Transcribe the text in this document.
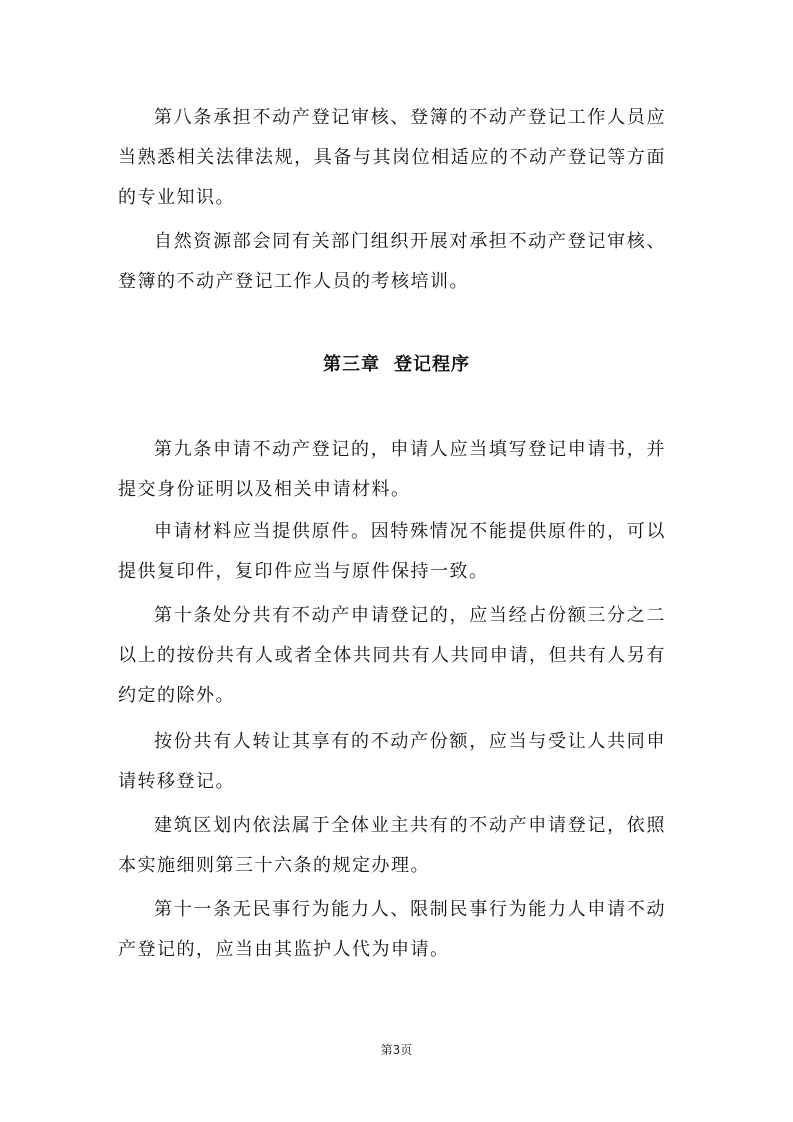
第八条承担不动产登记审核、登簿的不动产登记工作人员应当熟悉相关法律法规，具备与其岗位相适应的不动产登记等方面的专业知识。

自然资源部会同有关部门组织开展对承担不动产登记审核、登簿的不动产登记工作人员的考核培训。

第三章 登记程序

第九条申请不动产登记的，申请人应当填写登记申请书，并提交身份证明以及相关申请材料。

申请材料应当提供原件。因特殊情况不能提供原件的，可以提供复印件，复印件应当与原件保持一致。

第十条处分共有不动产申请登记的，应当经占份额三分之二以上的按份共有人或者全体共同共有人共同申请，但共有人另有约定的除外。

按份共有人转让其享有的不动产份额，应当与受让人共同申请转移登记。

建筑区划内依法属于全体业主共有的不动产申请登记，依照本实施细则第三十六条的规定办理。

第十一条无民事行为能力人、限制民事行为能力人申请不动产登记的，应当由其监护人代为申请。

第3页
